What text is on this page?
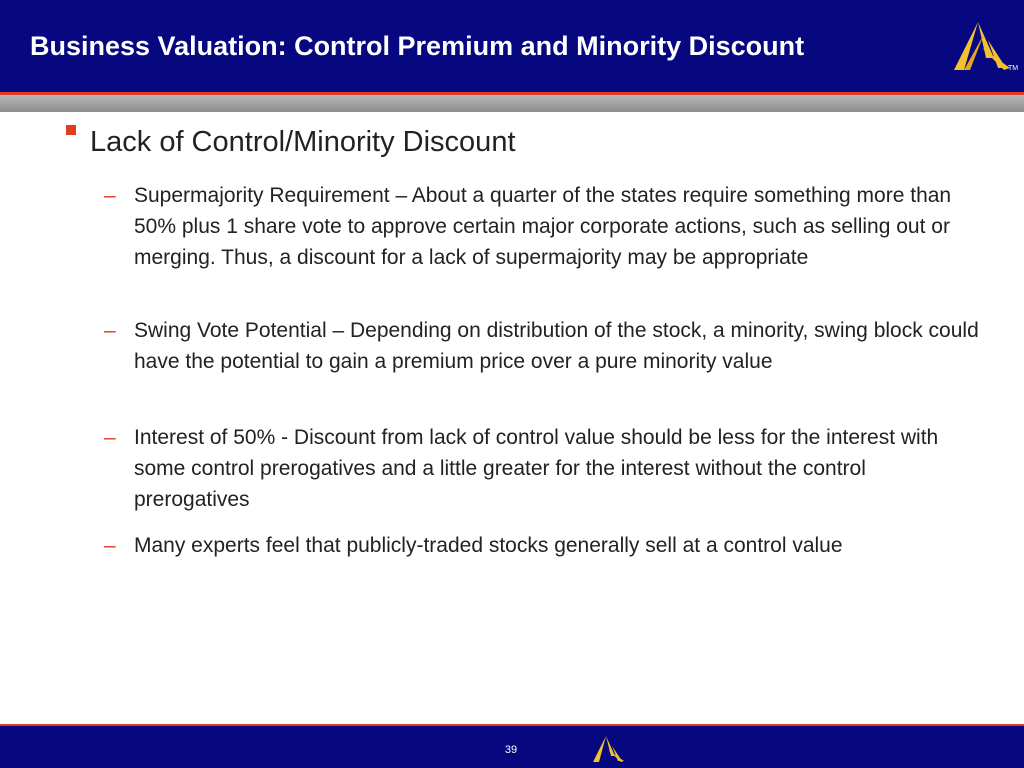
Business Valuation: Control Premium and Minority Discount
TM
Lack of Control/Minority Discount
– Supermajority Requirement – About a quarter of the states require something more than 50% plus 1 share vote to approve certain major corporate actions, such as selling out or merging. Thus, a discount for a lack of supermajority may be appropriate
– Swing Vote Potential – Depending on distribution of the stock, a minority, swing block could have the potential to gain a premium price over a pure minority value
– Interest of 50% - Discount from lack of control value should be less for the interest with some control prerogatives and a little greater for the interest without the control prerogatives
– Many experts feel that publicly-traded stocks generally sell at a control value
39
